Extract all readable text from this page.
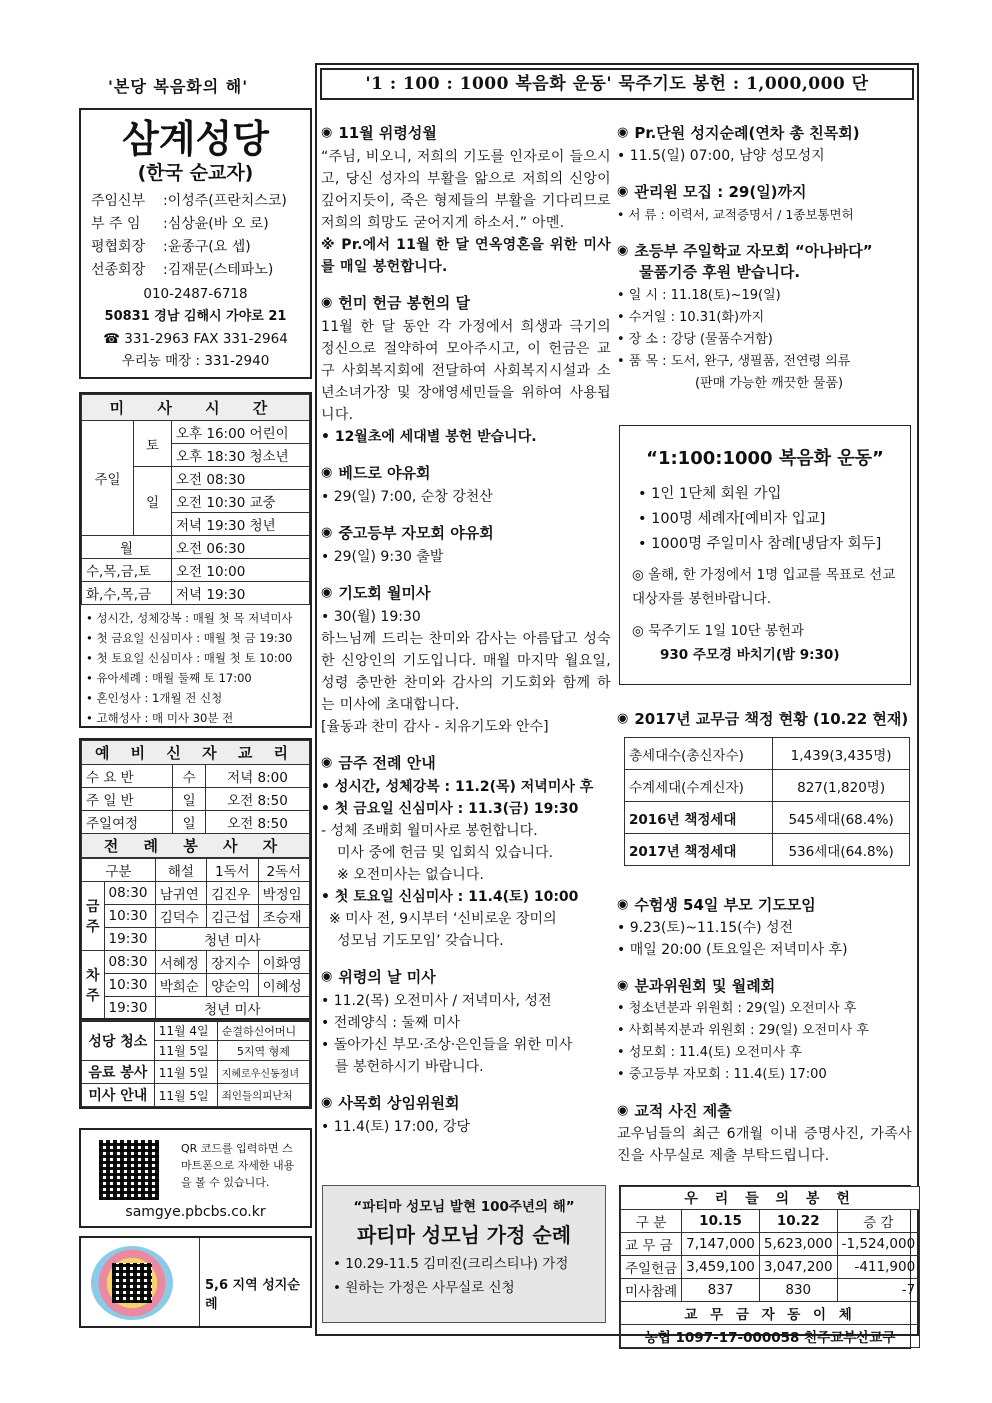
'본당 복음화의 해'
삼계성당
(한국 순교자)
주임신부	: 이성주(프란치스코)
부 주 임	: 심상윤(바 오 로)
평협회장	: 윤종구(요 셉)
선종회장	: 김재문(스테파노)
010-2487-6718
50831 경남 김해시 가야로 21
☎ 331-2963 FAX 331-2964
우리농 매장 : 331-2940
미 사 시 간		
주일	토	오후 16:00 어린이
		오후 18:30 청소년
	일	오전 08:30
		오전 10:30 교중
		저녁 19:30 청년
월		오전 06:30
수,목,금,토		오전 10:00
화,수,목,금		저녁 19:30
• 성시간, 성체강복 : 매월 첫 목 저녁미사
• 첫 금요일 신심미사 : 매월 첫 금 19:30
• 첫 토요일 신심미사 : 매월 첫 토 10:00
• 유아세례 : 매월 둘째 토 17:00
• 혼인성사 : 1개월 전 신청
• 고해성사 : 매 미사 30분 전
예 비 신 자 교 리		
수 요 반	수	저녁 8:00
주 일 반	일	오전 8:50
주일여정	일	오전 8:50
전 례 봉 사 자		
구분		해설	1독서	2독서
금주	08:30	남귀연	김진우	박정임
	10:30	김덕수	김근섭	조승재
	19:30	청년 미사		
차주	08:30	서혜정	장지수	이화영
	10:30	박희순	양순익	이혜성
	19:30	청년 미사		
성당 청소	11월 4일	순결하신어머니
	11월 5일	5지역 형제
음료 봉사	11월 5일	지혜로우신동정녀
미사 안내	11월 5일	죄인들의피난처
QR 코드를 입력하면 스마트폰으로 자세한 내용을 볼 수 있습니다.
samgye.pbcbs.co.kr
5,6 지역 성지순례
'1 : 100 : 1000 복음화 운동' 묵주기도 봉헌 : 1,000,000 단
◉ 11월 위령성월
“주님, 비오니, 저희의 기도를 인자로이 들으시고, 당신 성자의 부활을 앎으로 저희의 신앙이 깊어지듯이, 죽은 형제들의 부활을 기다리므로 저희의 희망도 굳어지게 하소서.” 아멘.
※ Pr.에서 11월 한 달 연옥영혼을 위한 미사를 매일 봉헌합니다.
◉ 헌미 헌금 봉헌의 달
11월 한 달 동안 각 가정에서 희생과 극기의 정신으로 절약하여 모아주시고, 이 헌금은 교구 사회복지회에 전달하여 사회복지시설과 소년소녀가장 및 장애영세민들을 위하여 사용됩니다.
• 12월초에 세대별 봉헌 받습니다.
◉ 베드로 야유회
• 29(일) 7:00, 순창 강천산
◉ 중고등부 자모회 야유회
• 29(일) 9:30 출발
◉ 기도회 월미사
• 30(월) 19:30
하느님께 드리는 찬미와 감사는 아름답고 성숙한 신앙인의 기도입니다. 매월 마지막 월요일, 성령 충만한 찬미와 감사의 기도회와 함께 하는 미사에 초대합니다.
[율동과 찬미 감사 - 치유기도와 안수]
◉ 금주 전례 안내
• 성시간, 성체강복 : 11.2(목) 저녁미사 후
• 첫 금요일 신심미사 : 11.3(금) 19:30
- 성체 조배회 월미사로 봉헌합니다.
미사 중에 헌금 및 입회식 있습니다.
※ 오전미사는 없습니다.
• 첫 토요일 신심미사 : 11.4(토) 10:00
※ 미사 전, 9시부터 ‘신비로운 장미의
성모님 기도모임’ 갖습니다.
◉ 위령의 날 미사
• 11.2(목) 오전미사 / 저녁미사, 성전
• 전례양식 : 둘째 미사
• 돌아가신 부모·조상·은인들을 위한 미사
를 봉헌하시기 바랍니다.
◉ 사목회 상임위원회
• 11.4(토) 17:00, 강당
“파티마 성모님 발현 100주년의 해”
파티마 성모님 가정 순례
• 10.29-11.5 김미진(크리스티나) 가정
• 원하는 가정은 사무실로 신청
◉ Pr.단원 성지순례(연차 총 친목회)
• 11.5(일) 07:00, 남양 성모성지
◉ 관리원 모집 : 29(일)까지
• 서 류 : 이력서, 교적증명서 / 1종보통면허
◉ 초등부 주일학교 자모회 “아나바다”
물품기증 후원 받습니다.
• 일 시 : 11.18(토)~19(일)
• 수거일 : 10.31(화)까지
• 장 소 : 강당 (물품수거함)
• 품 목 : 도서, 완구, 생필품, 전연령 의류
(판매 가능한 깨끗한 물품)
“1:100:1000 복음화 운동”
• 1인 1단체 회원 가입
• 100명 세례자[예비자 입교]
• 1000명 주일미사 참례[냉담자 회두]
◎ 올해, 한 가정에서 1명 입교를 목표로 선교 대상자를 봉헌바랍니다.
◎ 묵주기도 1일 10단 봉헌과
930 주모경 바치기(밤 9:30)
◉ 2017년 교무금 책정 현황 (10.22 현재)
총세대수(총신자수)	1,439(3,435명)
수계세대(수계신자)	827(1,820명)
2016년 책정세대	545세대(68.4%)
2017년 책정세대	536세대(64.8%)
◉ 수험생 54일 부모 기도모임
• 9.23(토)~11.15(수) 성전
• 매일 20:00 (토요일은 저녁미사 후)
◉ 분과위원회 및 월례회
• 청소년분과 위원회 : 29(일) 오전미사 후
• 사회복지분과 위원회 : 29(일) 오전미사 후
• 성모회 : 11.4(토) 오전미사 후
• 중고등부 자모회 : 11.4(토) 17:00
◉ 교적 사진 제출
교우님들의 최근 6개월 이내 증명사진, 가족사진을 사무실로 제출 부탁드립니다.
우 리 들 의 봉 헌			
구 분	10.15	10.22	증 감
교 무 금	7,147,000	5,623,000	-1,524,000
주일헌금	3,459,100	3,047,200	-411,900
미사참례	837	830	-7
교 무 금 자 동 이 체			
농협 1097-17-000058 천주교부산교구			
